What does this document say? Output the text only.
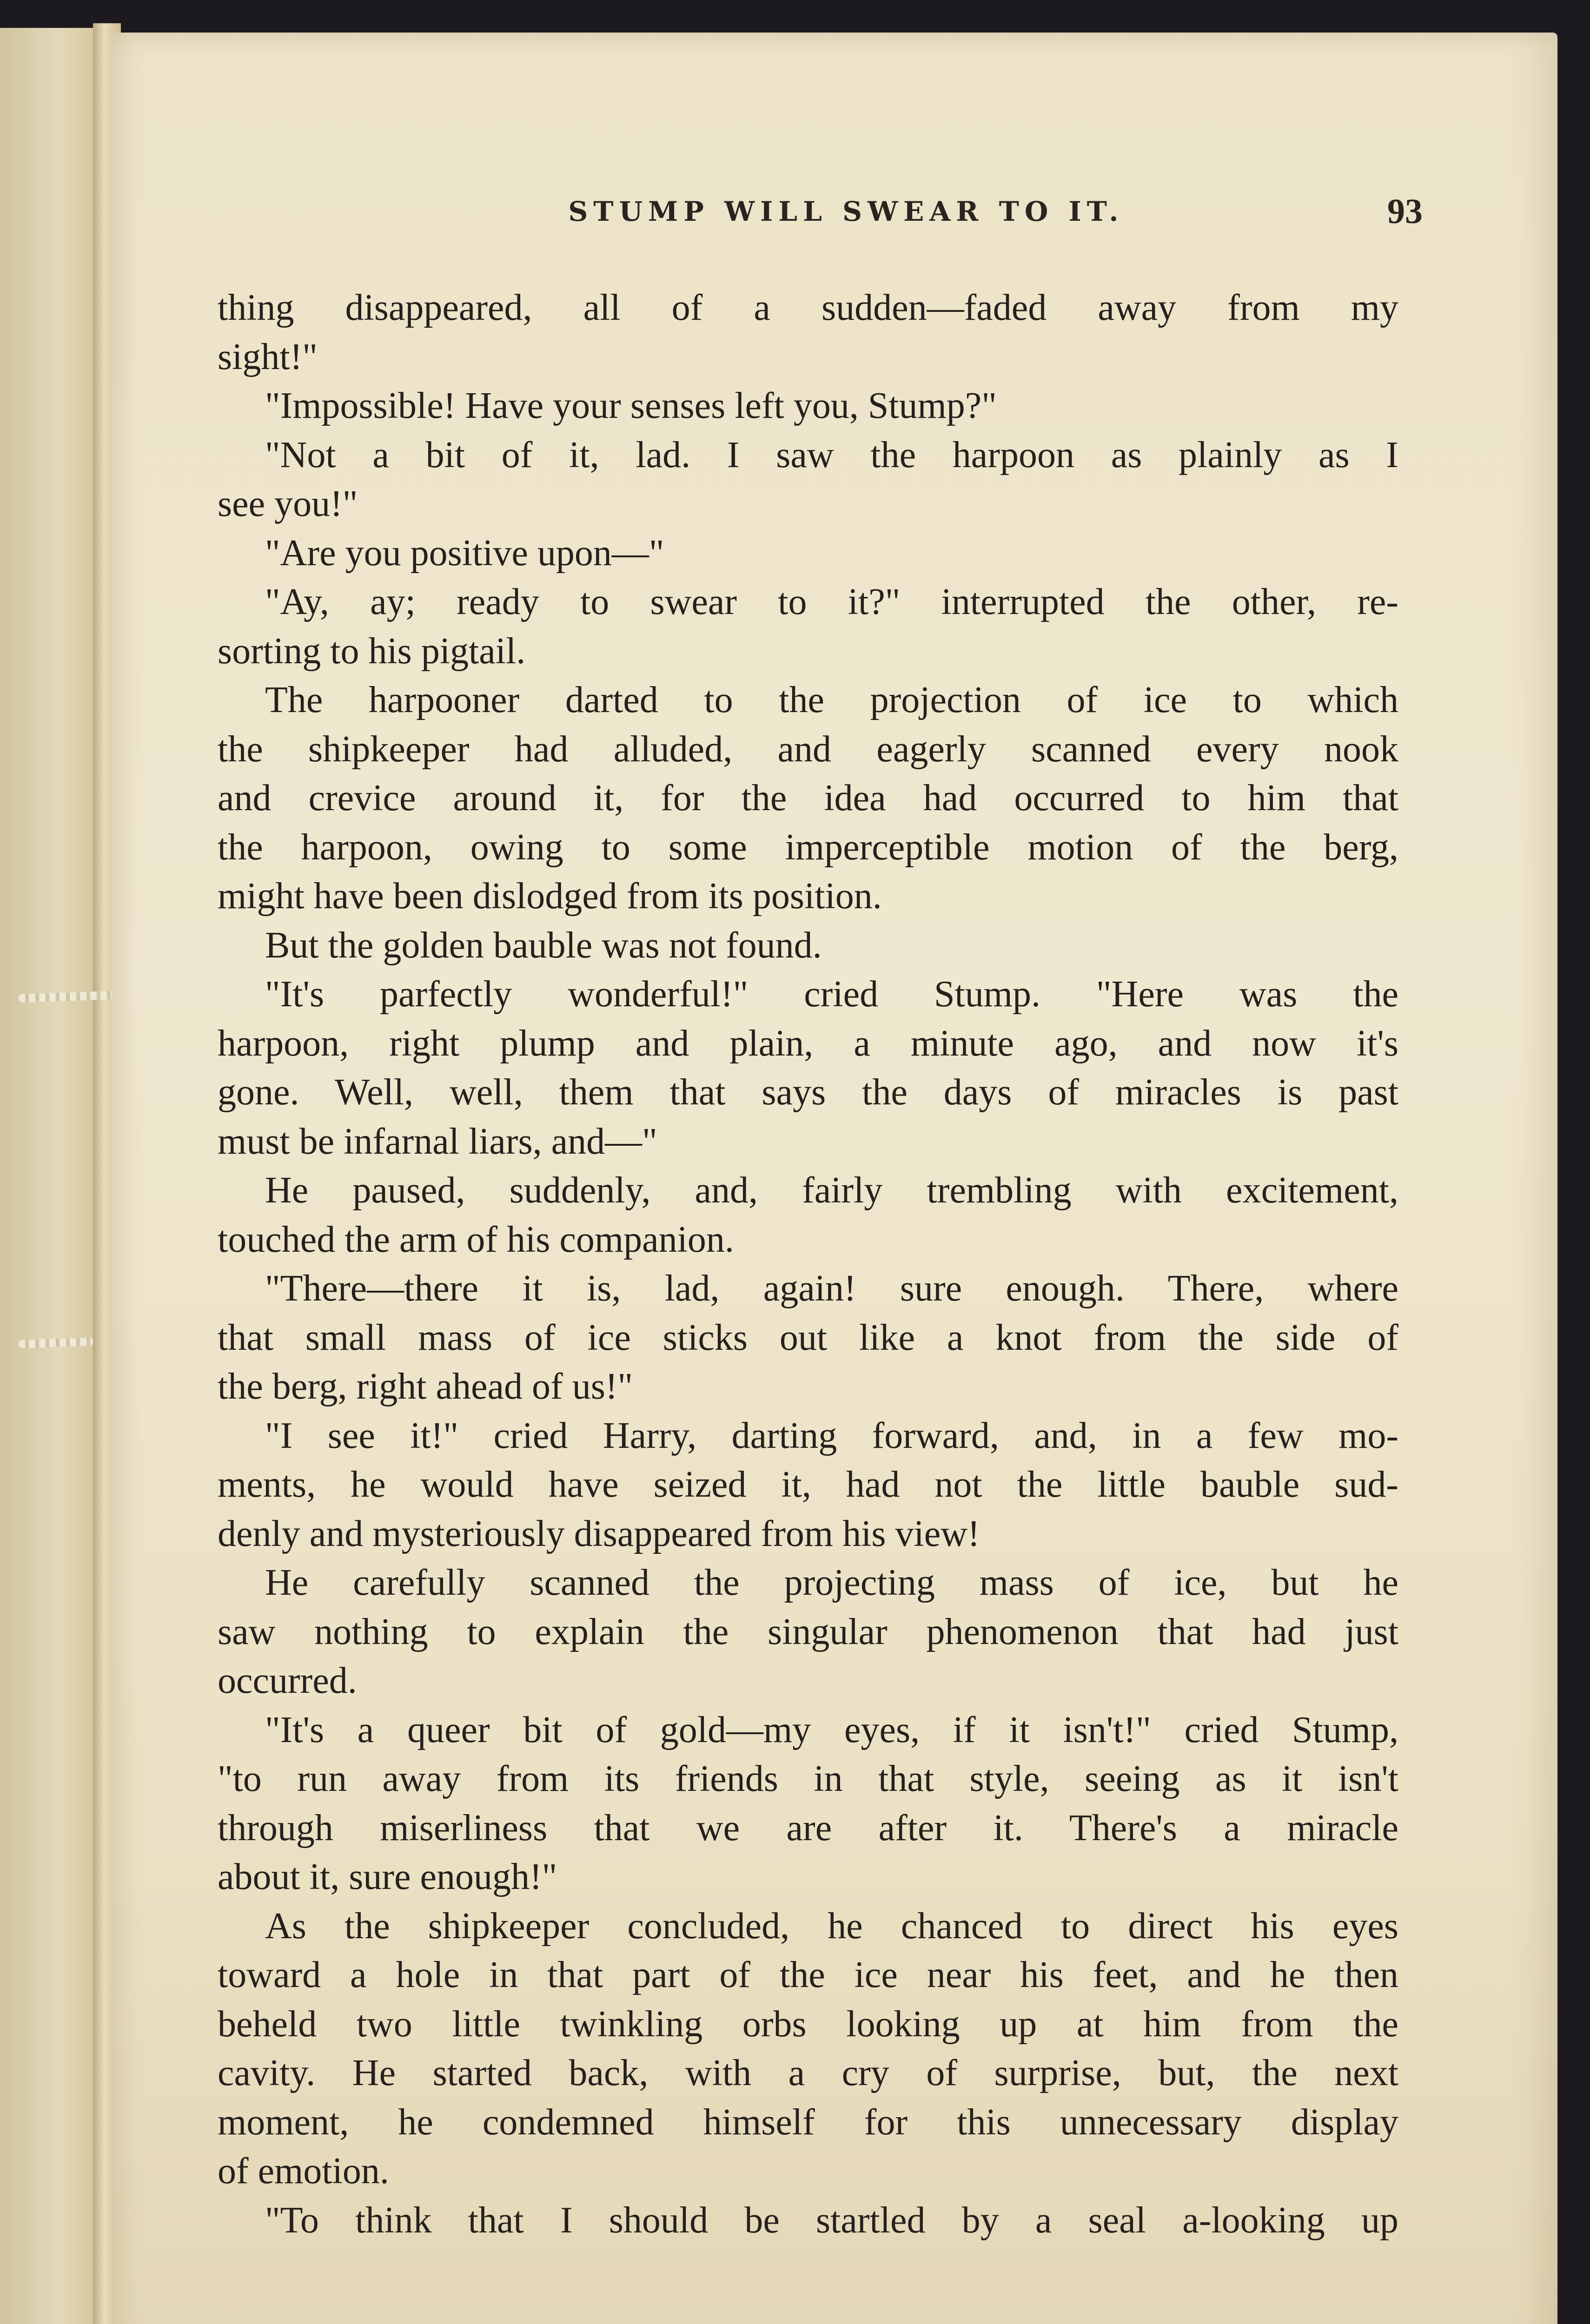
STUMP WILL SWEAR TO IT.	93
thing disappeared, all of a sudden—faded away from my
sight!"
"Impossible! Have your senses left you, Stump?"
"Not a bit of it, lad. I saw the harpoon as plainly as I
see you!"
"Are you positive upon—"
"Ay, ay; ready to swear to it?" interrupted the other, re-
sorting to his pigtail.
The harpooner darted to the projection of ice to which
the shipkeeper had alluded, and eagerly scanned every nook
and crevice around it, for the idea had occurred to him that
the harpoon, owing to some imperceptible motion of the berg,
might have been dislodged from its position.
But the golden bauble was not found.
"It's parfectly wonderful!" cried Stump. "Here was the
harpoon, right plump and plain, a minute ago, and now it's
gone. Well, well, them that says the days of miracles is past
must be infarnal liars, and—"
He paused, suddenly, and, fairly trembling with excitement,
touched the arm of his companion.
"There—there it is, lad, again! sure enough. There, where
that small mass of ice sticks out like a knot from the side of
the berg, right ahead of us!"
"I see it!" cried Harry, darting forward, and, in a few mo-
ments, he would have seized it, had not the little bauble sud-
denly and mysteriously disappeared from his view!
He carefully scanned the projecting mass of ice, but he
saw nothing to explain the singular phenomenon that had just
occurred.
"It's a queer bit of gold—my eyes, if it isn't!" cried Stump,
"to run away from its friends in that style, seeing as it isn't
through miserliness that we are after it. There's a miracle
about it, sure enough!"
As the shipkeeper concluded, he chanced to direct his eyes
toward a hole in that part of the ice near his feet, and he then
beheld two little twinkling orbs looking up at him from the
cavity. He started back, with a cry of surprise, but, the next
moment, he condemned himself for this unnecessary display
of emotion.
"To think that I should be startled by a seal a-looking up
